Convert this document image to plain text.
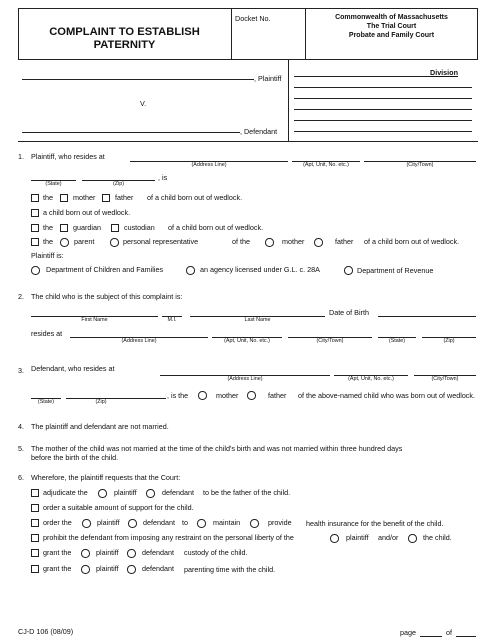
COMPLAINT TO ESTABLISH
PATERNITY
Docket No.	Commonwealth of Massachusetts
The Trial Court
Probate and Family Court
, Plaintiff
V.
, Defendant
Division
1. Plaintiff, who resides at
(Address Line)	(Apt, Unit, No. etc.)	(City/Town)
, is
(State)	(Zip)
the	mother	father of a child born out of wedlock.
a child born out of wedlock.
the	guardian	custodian of a child born out of wedlock.
the	parent	personal representative	of the	mother	father of a child born out of wedlock.
Plaintiff is:
Department of Children and Families	an agency licensed under G.L. c. 28A	Department of Revenue
2. The child who is the subject of this complaint is:
Date of Birth
First Name	M.I.	Last Name
resides at
(Address Line)	(Apt, Unit, No. etc.)	(City/Town)	(State)	(Zip)
3. Defendant, who resides at
(Address Line)	(Apt, Unit, No. etc.)	(City/Town)
(State)	(Zip)
, is the	mother	father of the above-named child who was born out of wedlock.
4. The plaintiff and defendant are not married.
5. The mother of the child was not married at the time of the child's birth and was not married within three hundred days
before the birth of the child.
6. Wherefore, the plaintiff requests that the Court:
adjudicate the	plaintiff	defendant to be the father of the child.
order a suitable amount of support for the child.
order the	plaintiff	defendant to	maintain	provide health insurance for the benefit of the child.
prohibit the defendant from imposing any restraint on the personal liberty of the	plaintiff and/or	the child.
grant the	plaintiff	defendant custody of the child.
grant the	plaintiff	defendant parenting time with the child.
CJ-D 106 (08/09)	page	of
